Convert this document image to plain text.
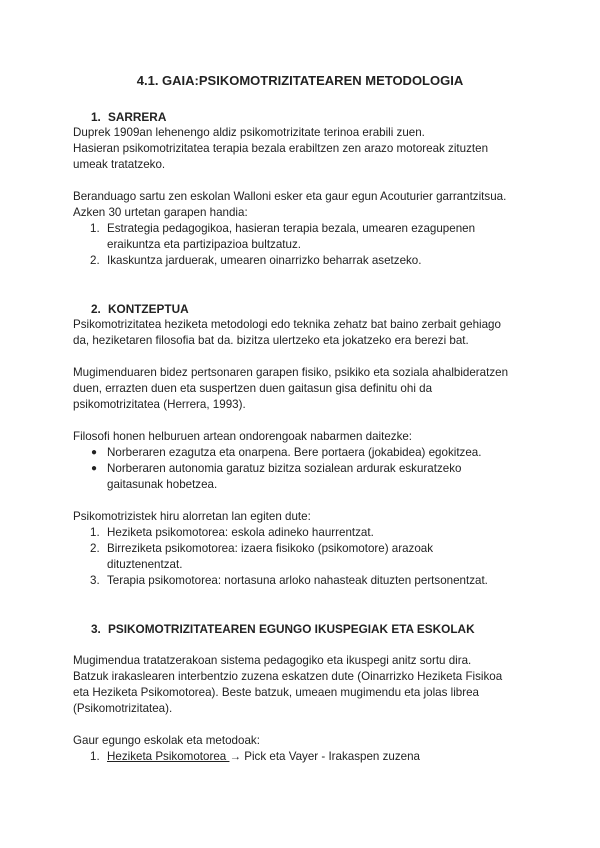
4.1. GAIA:PSIKOMOTRIZITATEAREN METODOLOGIA
1. SARRERA
Duprek 1909an lehenengo aldiz psikomotrizitate terinoa erabili zuen.
Hasieran psikomotrizitatea terapia bezala erabiltzen zen arazo motoreak zituzten
umeak tratatzeko.
Beranduago sartu zen eskolan Walloni esker eta gaur egun Acouturier garrantzitsua.
Azken 30 urtetan garapen handia:
1. Estrategia pedagogikoa, hasieran terapia bezala, umearen ezagupenen
eraikuntza eta partizipazioa bultzatuz.
2. Ikaskuntza jarduerak, umearen oinarrizko beharrak asetzeko.
2. KONTZEPTUA
Psikomotrizitatea heziketa metodologi edo teknika zehatz bat baino zerbait gehiago
da, heziketaren filosofia bat da. bizitza ulertzeko eta jokatzeko era berezi bat.
Mugimenduaren bidez pertsonaren garapen fisiko, psikiko eta soziala ahalbideratzen
duen, errazten duen eta suspertzen duen gaitasun gisa definitu ohi da
psikomotrizitatea (Herrera, 1993).
Filosofi honen helburuen artean ondorengoak nabarmen daitezke:
● Norberaren ezagutza eta onarpena. Bere portaera (jokabidea) egokitzea.
● Norberaren autonomia garatuz bizitza sozialean ardurak eskuratzeko
gaitasunak hobetzea.
Psikomotrizistek hiru alorretan lan egiten dute:
1. Heziketa psikomotorea: eskola adineko haurrentzat.
2. Birreziketa psikomotorea: izaera fisikoko (psikomotore) arazoak
dituztenentzat.
3. Terapia psikomotorea: nortasuna arloko nahasteak dituzten pertsonentzat.
3. PSIKOMOTRIZITATEAREN EGUNGO IKUSPEGIAK ETA ESKOLAK
Mugimendua tratatzerakoan sistema pedagogiko eta ikuspegi anitz sortu dira.
Batzuk irakaslearen interbentzio zuzena eskatzen dute (Oinarrizko Heziketa Fisikoa
eta Heziketa Psikomotorea). Beste batzuk, umeaen mugimendu eta jolas librea
(Psikomotrizitatea).
Gaur egungo eskolak eta metodoak:
1. Heziketa Psikomotorea → Pick eta Vayer - Irakaspen zuzena
